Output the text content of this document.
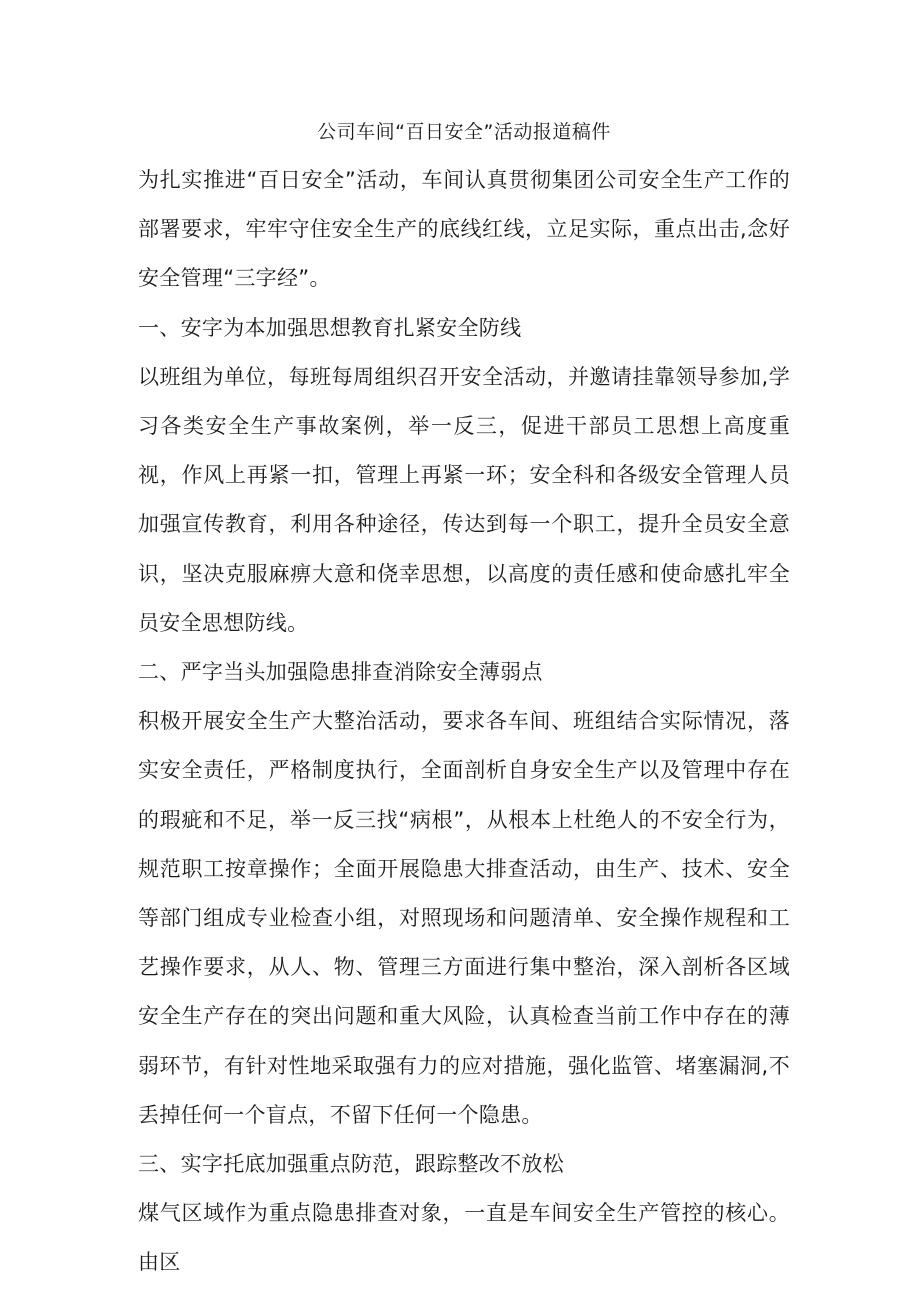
公司车间“百日安全”活动报道稿件

为扎实推进“百日安全”活动，车间认真贯彻集团公司安全生产工作的部署要求，牢牢守住安全生产的底线红线，立足实际，重点出击,念好安全管理“三字经”。

一、安字为本加强思想教育扎紧安全防线

以班组为单位，每班每周组织召开安全活动，并邀请挂靠领导参加,学习各类安全生产事故案例，举一反三，促进干部员工思想上高度重视，作风上再紧一扣，管理上再紧一环；安全科和各级安全管理人员加强宣传教育，利用各种途径，传达到每一个职工，提升全员安全意识，坚决克服麻痹大意和侥幸思想，以高度的责任感和使命感扎牢全员安全思想防线。

二、严字当头加强隐患排查消除安全薄弱点

积极开展安全生产大整治活动，要求各车间、班组结合实际情况，落实安全责任，严格制度执行，全面剖析自身安全生产以及管理中存在的瑕疵和不足，举一反三找“病根”，从根本上杜绝人的不安全行为，规范职工按章操作；全面开展隐患大排查活动，由生产、技术、安全等部门组成专业检查小组，对照现场和问题清单、安全操作规程和工艺操作要求，从人、物、管理三方面进行集中整治，深入剖析各区域安全生产存在的突出问题和重大风险，认真检查当前工作中存在的薄弱环节，有针对性地采取强有力的应对措施，强化监管、堵塞漏洞,不丢掉任何一个盲点，不留下任何一个隐患。

三、实字托底加强重点防范，跟踪整改不放松

煤气区域作为重点隐患排查对象，一直是车间安全生产管控的核心。由区
